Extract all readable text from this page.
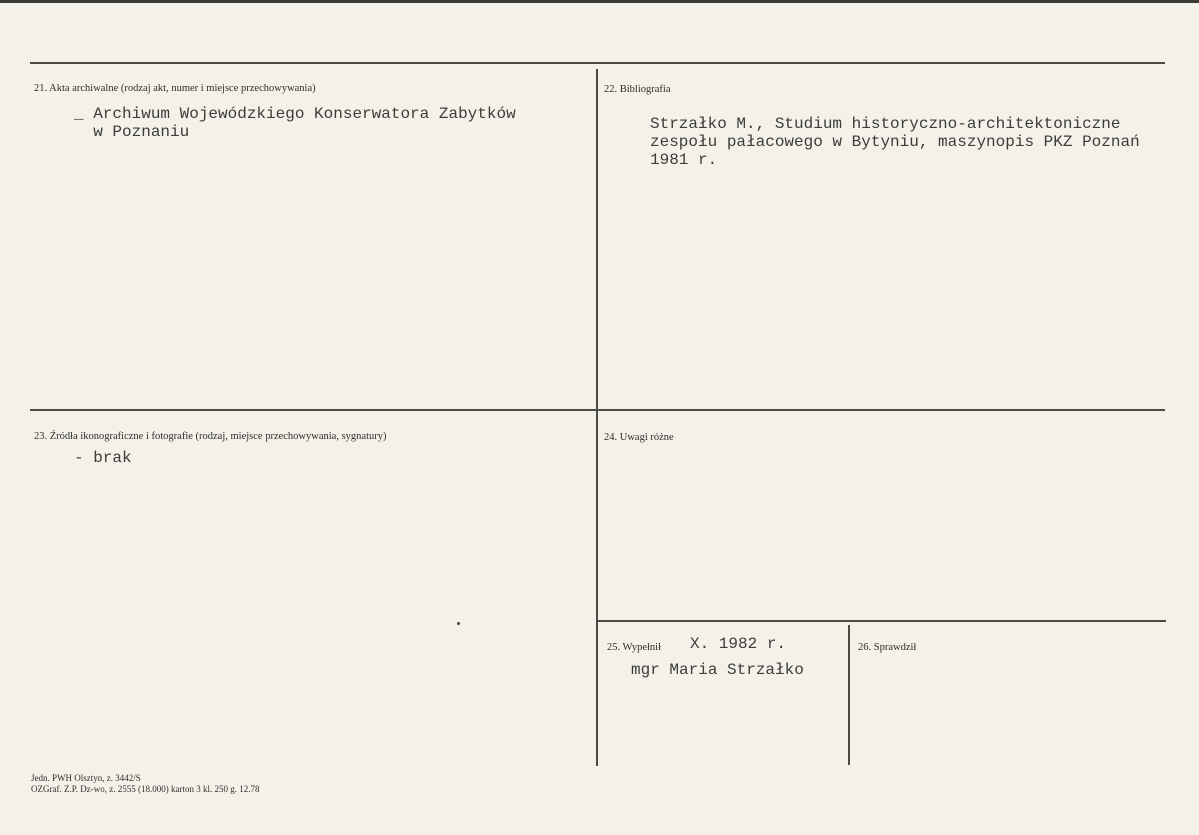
21. Akta archiwalne (rodzaj akt, numer i miejsce przechowywania)
_ Archiwum Wojewódzkiego Konserwatora Zabytków
w Poznaniu
22. Bibliografia
Strzałko M., Studium historyczno-architektoniczne
zespołu pałacowego w Bytyniu, maszynopis PKZ Poznań
1981 r.
23. Źródła ikonograficzne i fotografie (rodzaj, miejsce przechowywania, sygnatury)
- brak
24. Uwagi różne
25. Wypełnił X. 1982 r.
mgr Maria Strzałko
26. Sprawdził
Jedn. PWH Olsztyn, z. 3442/S
OZGraf. Z.P. Dz-wo, z. 2555 (18.000) karton 3 kl. 250 g. 12.78
